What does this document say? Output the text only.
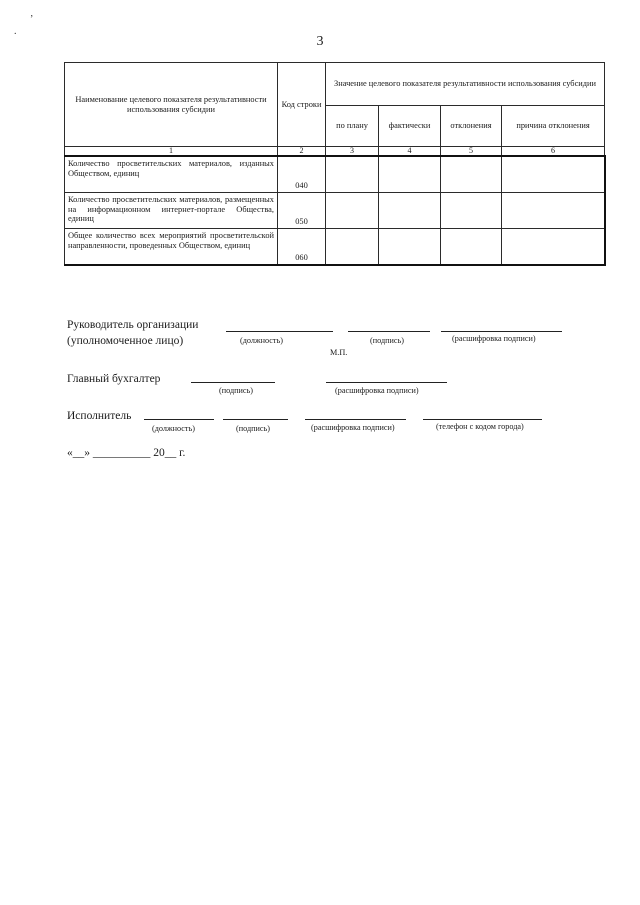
’
.
3
Наименование целевого показателя результативности использования субсидии	Код строки	Значение целевого показателя результативности использования субсидии			
		по плану	фактически	отклонения	причина отклонения
1	2	3	4	5	6
Количество просветительских материалов, изданных Обществом, единиц	040				
Количество просветительских материалов, размещенных на информационном интернет-портале Общества, единиц	050				
Общее количество всех мероприятий просветительской направленности, проведенных Обществом, единиц	060				
Руководитель организации
(уполномоченное лицо)	(должность)	(подпись)	(расшифровка подписи)
М.П.
Главный бухгалтер
(подпись)	(расшифровка подписи)
Исполнитель
(должность)	(подпись)	(расшифровка подписи)	(телефон с кодом города)
«__» __________ 20__ г.
